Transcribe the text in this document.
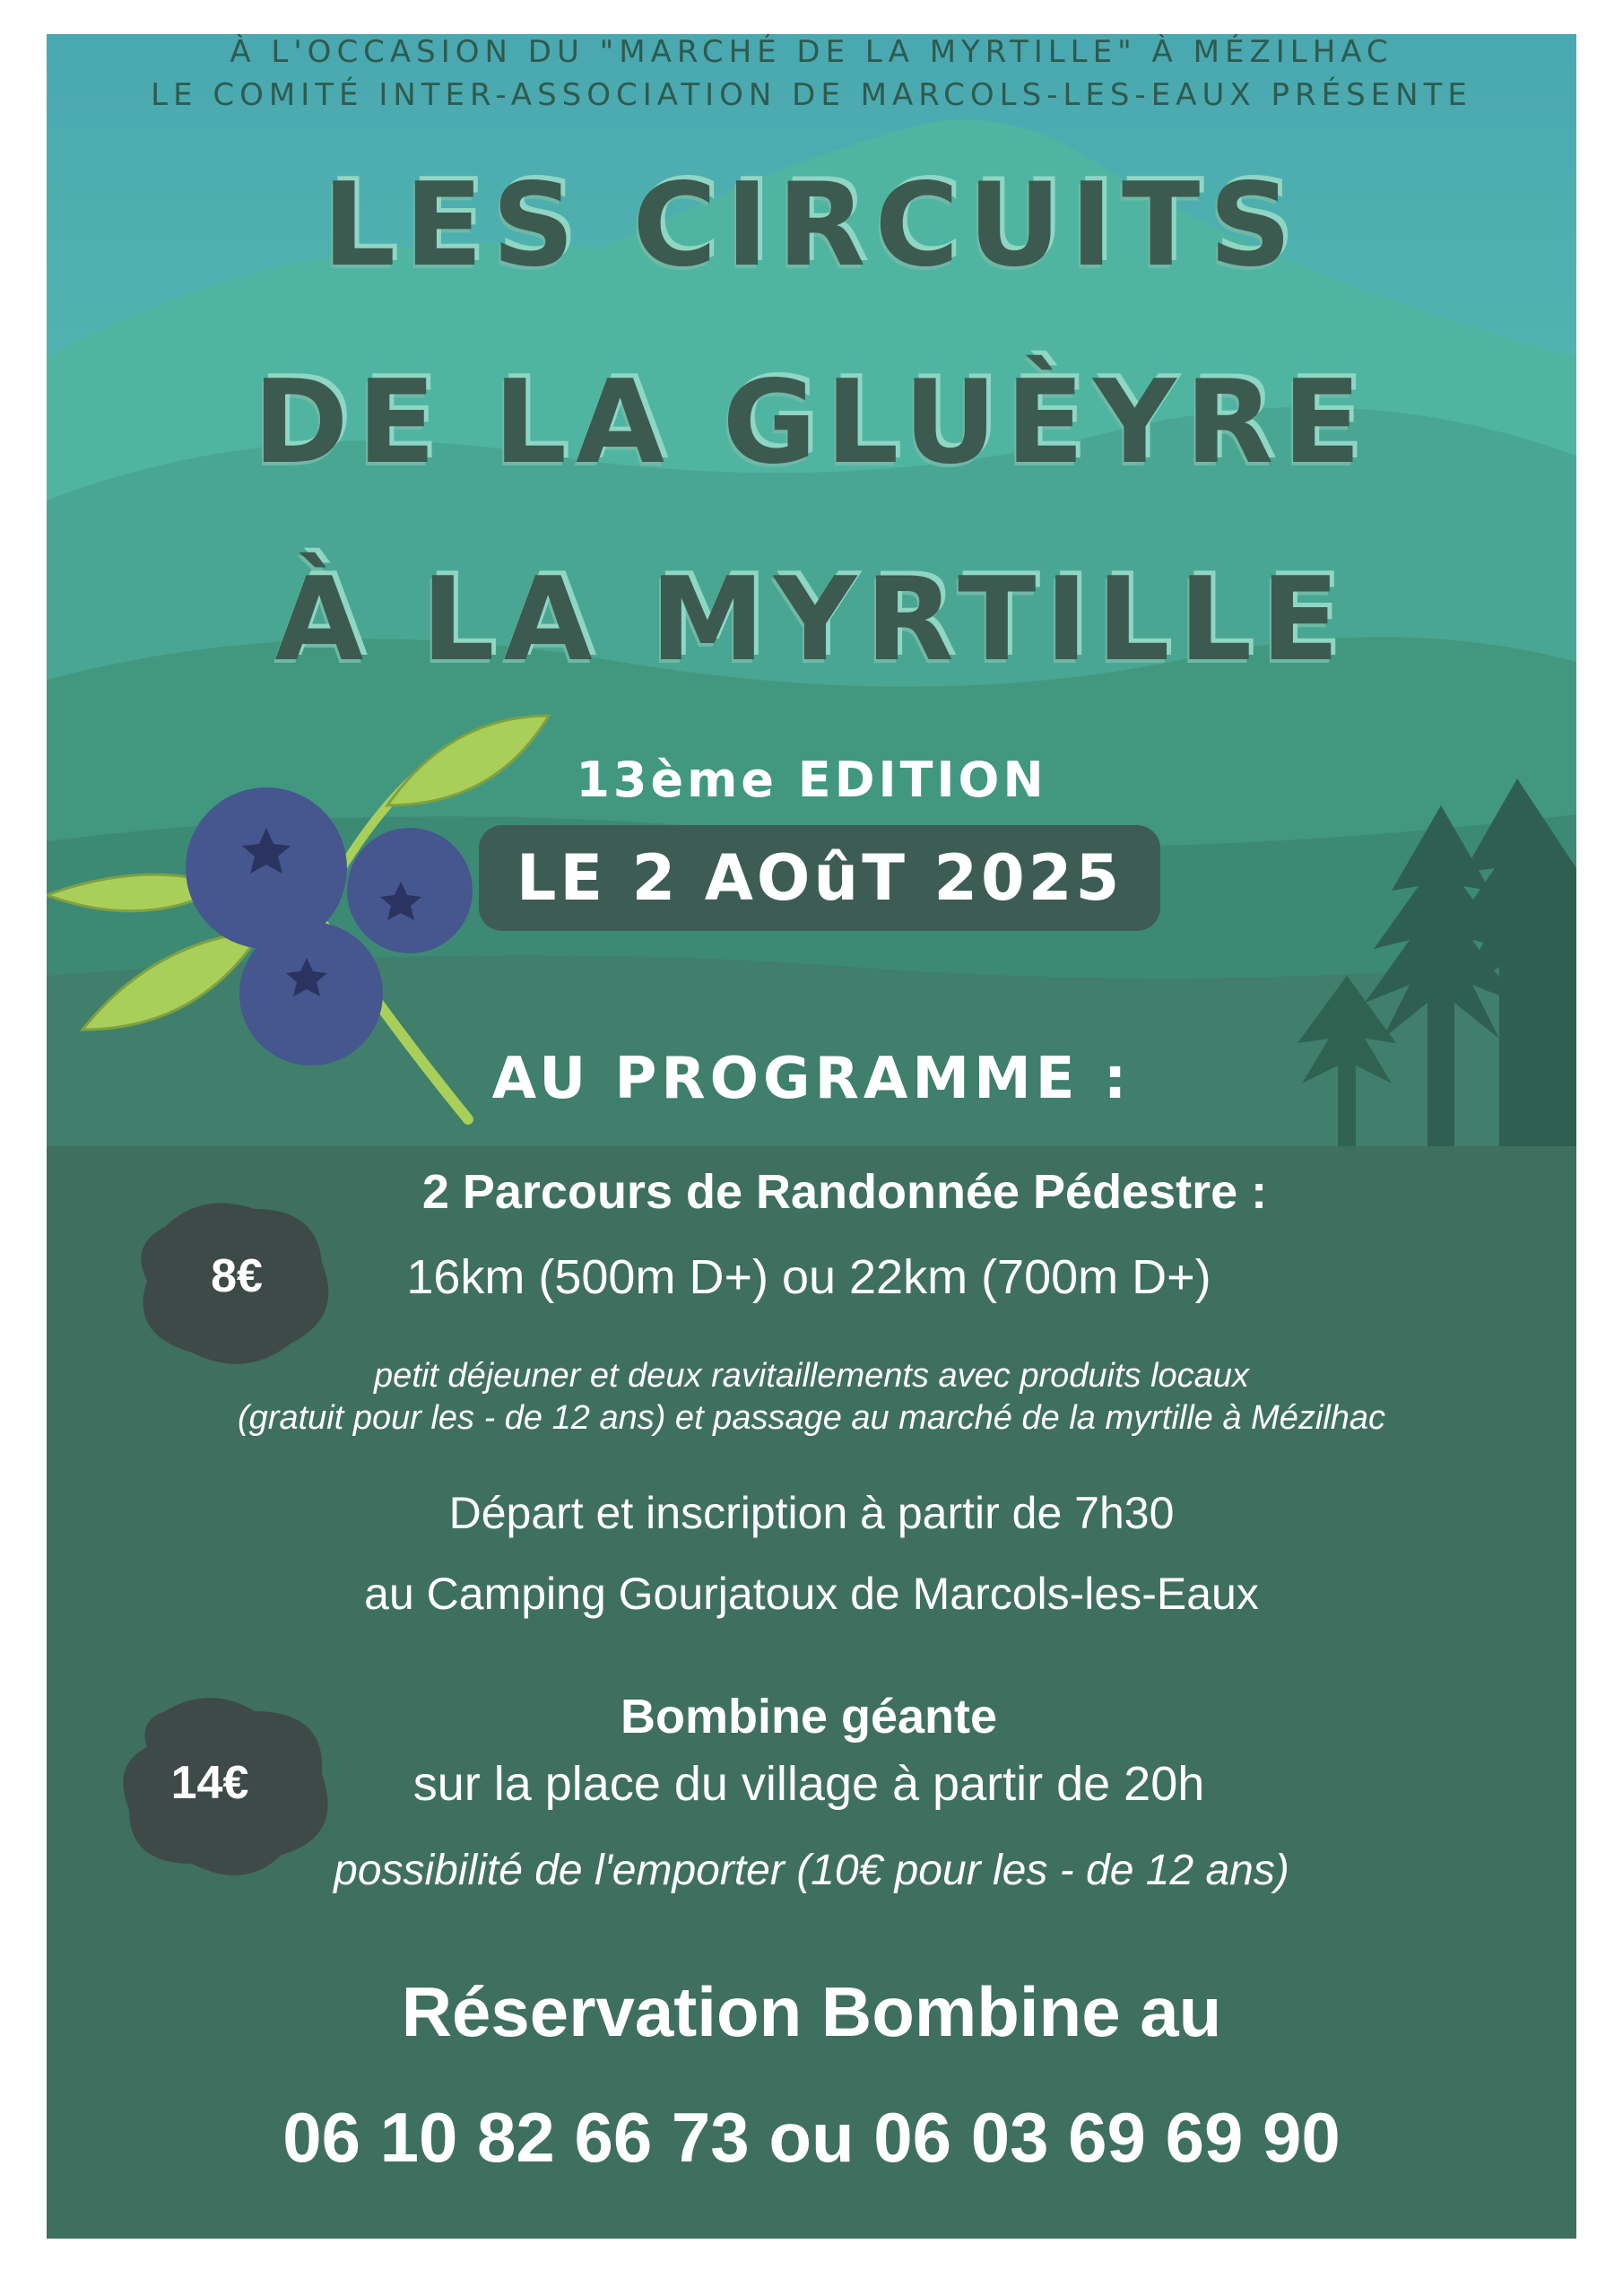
À L'OCCASION DU "MARCHÉ DE LA MYRTILLE" À MÉZILHAC
LE COMITÉ INTER-ASSOCIATION DE MARCOLS-LES-EAUX PRÉSENTE
LES CIRCUITS
DE LA GLUÈYRE
À LA MYRTILLE
13ème EDITION
LE 2 AOûT 2025
AU PROGRAMME :
8€
2 Parcours de Randonnée Pédestre :
16km (500m D+) ou 22km (700m D+)
petit déjeuner et deux ravitaillements avec produits locaux
(gratuit pour les - de 12 ans) et passage au marché de la myrtille à Mézilhac
Départ et inscription à partir de 7h30
au Camping Gourjatoux de Marcols-les-Eaux
14€
Bombine géante
sur la place du village à partir de 20h
possibilité de l'emporter (10€ pour les - de 12 ans)
Réservation Bombine au
06 10 82 66 73 ou 06 03 69 69 90
